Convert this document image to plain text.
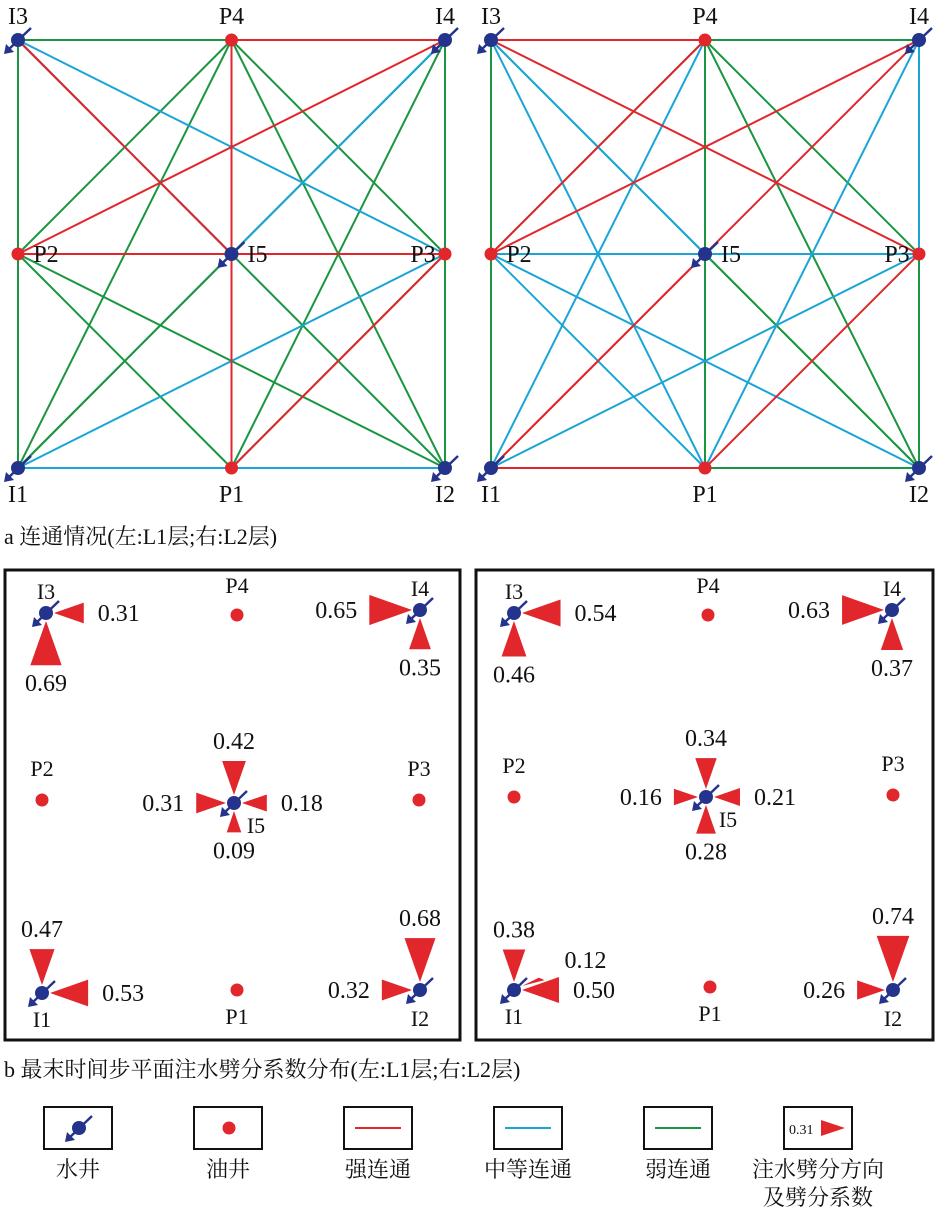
I1	I2
I3	I4
I5
P1
P2	P3
P4
I1	I2
I3	I4
I5
P1
P2	P3
P4
0.31
0.69
0.65
0.35
0.42
0.31	0.18
0.09
0.47
0.53
0.68
0.32
I3	P4	I4
P2
I5
P3
I1	P1	I2
0.54
0.46
0.63
0.37
0.34
0.16	0.21
0.28
0.38
0.12
0.50
0.74
0.26
I3	P4	I4
P2
I5
P3
I1	P1	I2
a 连通情况(左:L1层;右:L2层)
b 最末时间步平面注水劈分系数分布(左:L1层;右:L2层)
水井	油井	强连通	中等连通	弱连通
0.31
注水劈分方向
及劈分系数
